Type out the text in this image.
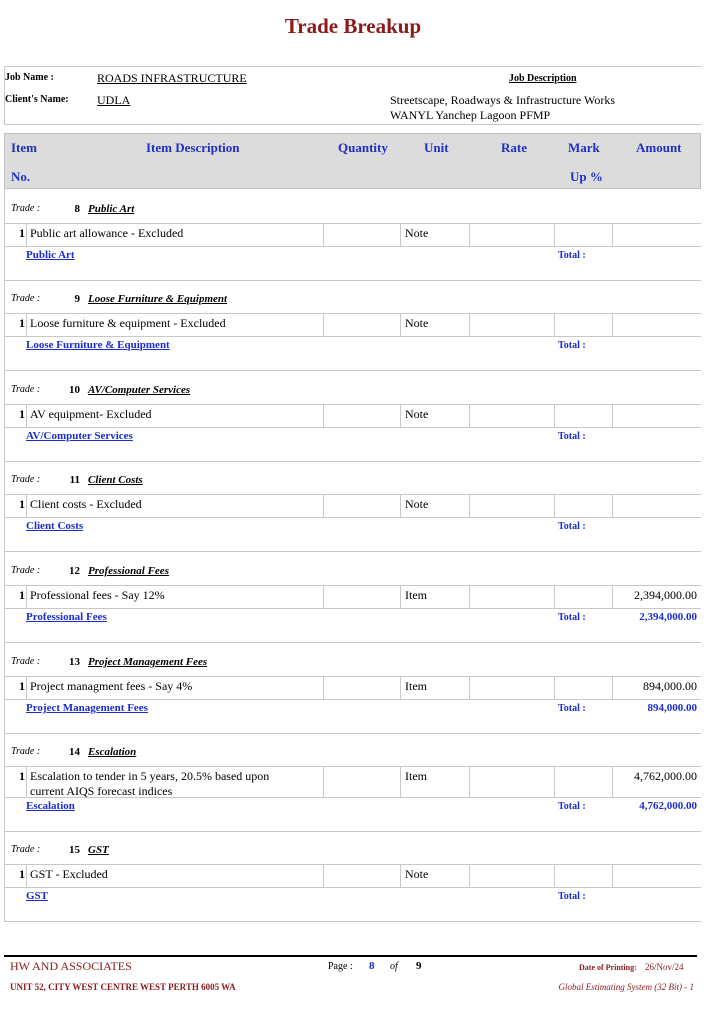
Trade Breakup
Job Name :	ROADS INFRASTRUCTURE
Client's Name: UDLA
Job Description
Streetscape, Roadways & Infrastructure Works
WANYL Yanchep Lagoon PFMP
Item
No.
Item Description	Quantity	Unit	Rate	Mark
Up %
Amount
Trade :	8 Public Art
1 Public art allowance - Excluded	Note
Public Art	Total :
Trade :	9 Loose Furniture & Equipment
1 Loose furniture & equipment - Excluded	Note
Loose Furniture & Equipment	Total :
Trade :	10 AV/Computer Services
1 AV equipment- Excluded	Note
AV/Computer Services	Total :
Trade :	11 Client Costs
1 Client costs - Excluded	Note
Client Costs	Total :
Trade :	12 Professional Fees
1 Professional fees - Say 12%	Item	2,394,000.00
Professional Fees	Total :	2,394,000.00
Trade :	13 Project Management Fees
1 Project managment fees - Say 4%	Item	894,000.00
Project Management Fees	Total :	894,000.00
Trade :	14 Escalation
1 Escalation to tender in 5 years, 20.5% based upon
current AIQS forecast indices
Item	4,762,000.00
Escalation	Total :	4,762,000.00
Trade :	15 GST
1 GST - Excluded	Note
GST	Total :
HW AND ASSOCIATES
UNIT 52, CITY WEST CENTRE WEST PERTH 6005 WA
Page : 8 of 9	Date of Printing: 26/Nov/24
Global Estimating System (32 Bit) - 1
